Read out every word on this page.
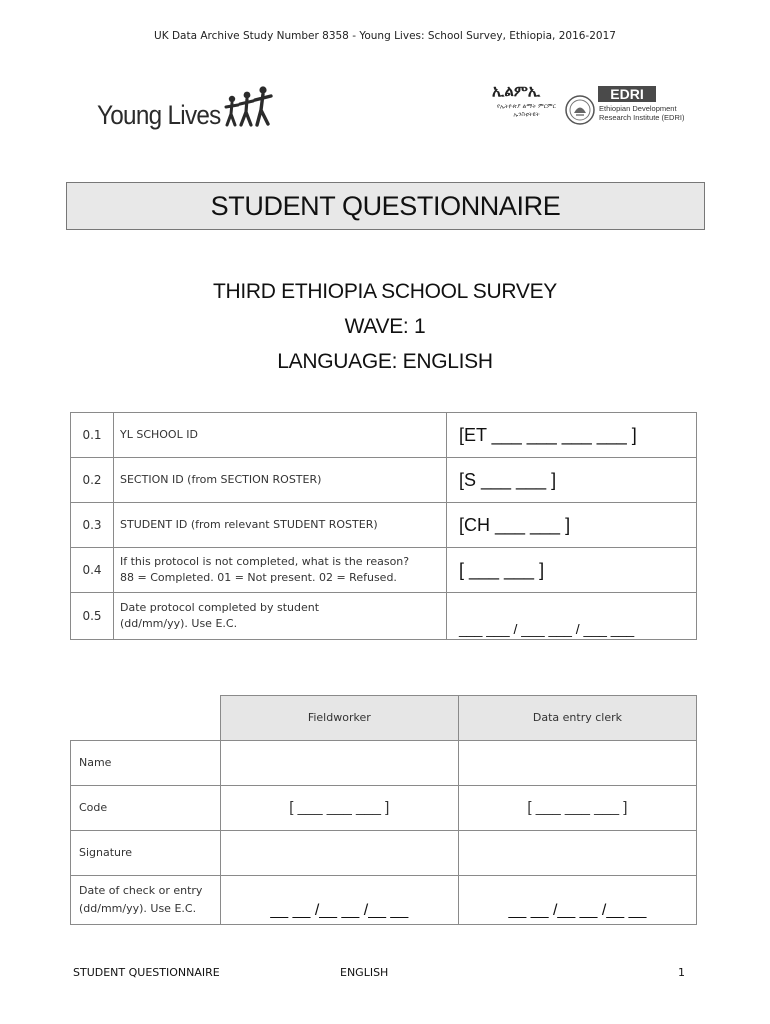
UK Data Archive Study Number 8358 - Young Lives: School Survey, Ethiopia, 2016-2017
Young Lives
ኢልምኢ
የኢትዮጵያ ልማት ምርምር ኢንስቲትዩት
EDRI
Ethiopian Development
Research Institute (EDRI)
STUDENT QUESTIONNAIRE
THIRD ETHIOPIA SCHOOL SURVEY
WAVE: 1
LANGUAGE: ENGLISH
0.1	YL SCHOOL ID	[ET ___ ___ ___ ___ ]
0.2	SECTION ID (from SECTION ROSTER)	[S ___ ___ ]
0.3	STUDENT ID (from relevant STUDENT ROSTER)	[CH ___ ___ ]
0.4	If this protocol is not completed, what is the reason?
88 = Completed. 01 = Not present. 02 = Refused.	[ ___ ___ ]
0.5	Date protocol completed by student
(dd/mm/yy). Use E.C.	___ ___ / ___ ___ / ___ ___
	Fieldworker	Data entry clerk
Name		
Code	[ ___ ___ ___ ]	[ ___ ___ ___ ]
Signature		

Date of check or entry
(dd/mm/yy). Use E.C.	__ __ /__ __ /__ __	__ __ /__ __ /__ __
STUDENT QUESTIONNAIRE	ENGLISH	1
